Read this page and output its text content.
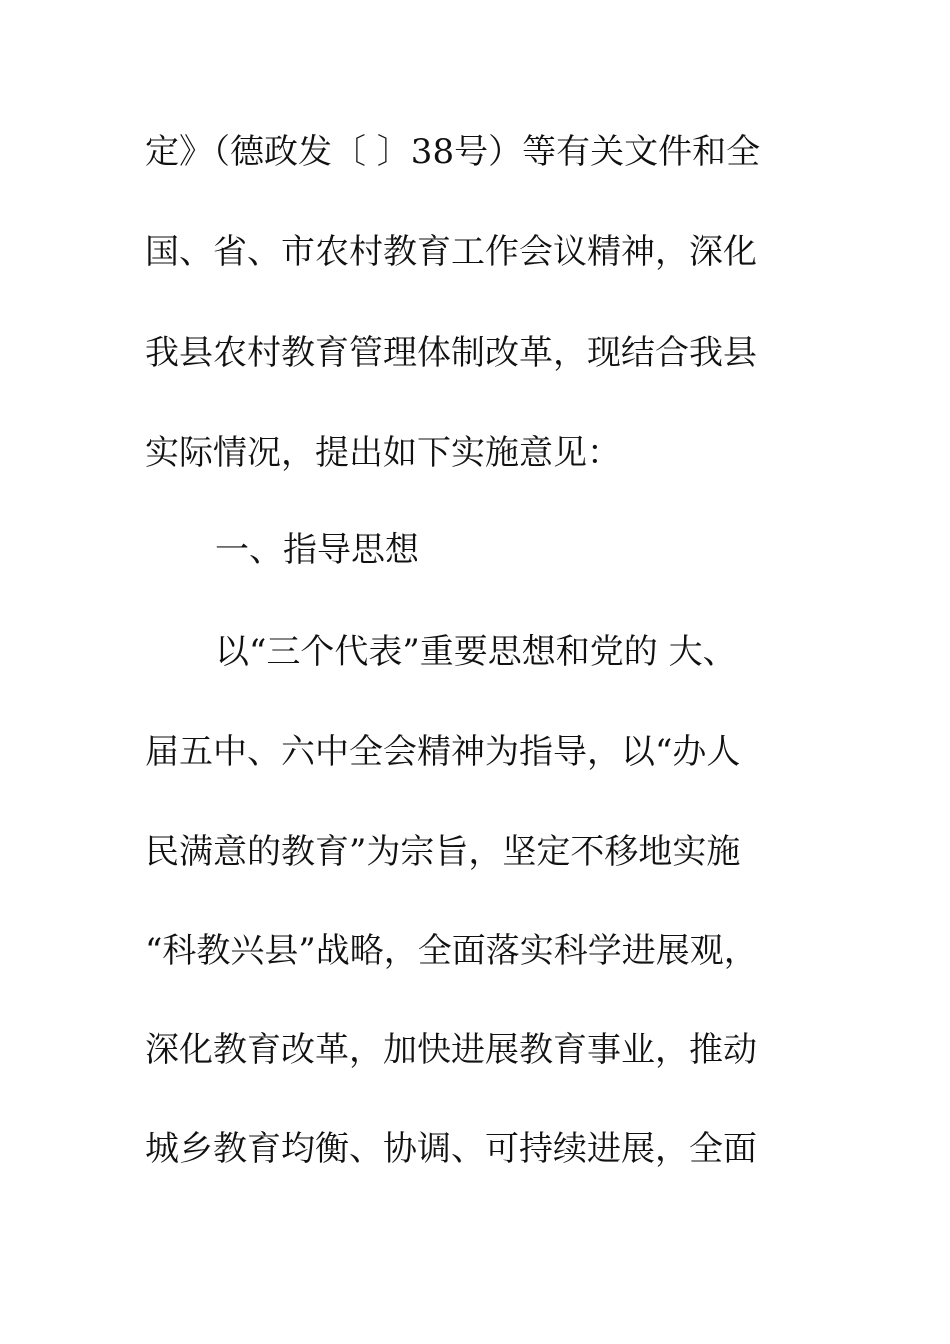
定》（德政发〔 〕38号）等有关文件和全
国、省、市农村教育工作会议精神，深化
我县农村教育管理体制改革，现结合我县
实际情况，提出如下实施意见：
一、指导思想
以“三个代表”重要思想和党的 大、
届五中、六中全会精神为指导，以“办人
民满意的教育”为宗旨，坚定不移地实施
“科教兴县”战略，全面落实科学进展观，
深化教育改革，加快进展教育事业，推动
城乡教育均衡、协调、可持续进展，全面
